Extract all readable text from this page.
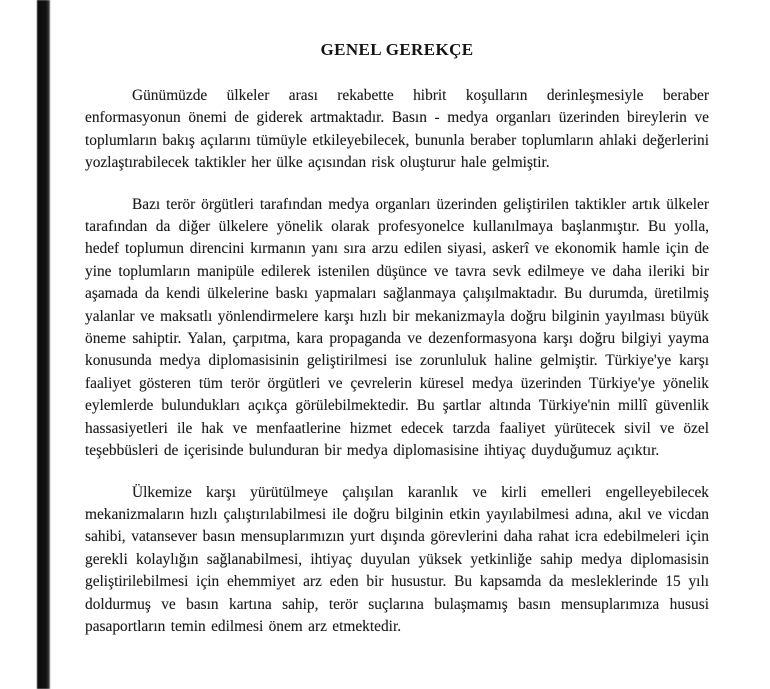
GENEL GEREKÇE

Günümüzde ülkeler arası rekabette hibrit koşulların derinleşmesiyle beraber enformasyonun önemi de giderek artmaktadır. Basın - medya organları üzerinden bireylerin ve toplumların bakış açılarını tümüyle etkileyebilecek, bununla beraber toplumların ahlaki değerlerini yozlaştırabilecek taktikler her ülke açısından risk oluşturur hale gelmiştir.

Bazı terör örgütleri tarafından medya organları üzerinden geliştirilen taktikler artık ülkeler tarafından da diğer ülkelere yönelik olarak profesyonelce kullanılmaya başlanmıştır. Bu yolla, hedef toplumun direncini kırmanın yanı sıra arzu edilen siyasi, askerî ve ekonomik hamle için de yine toplumların manipüle edilerek istenilen düşünce ve tavra sevk edilmeye ve daha ileriki bir aşamada da kendi ülkelerine baskı yapmaları sağlanmaya çalışılmaktadır. Bu durumda, üretilmiş yalanlar ve maksatlı yönlendirmelere karşı hızlı bir mekanizmayla doğru bilginin yayılması büyük öneme sahiptir. Yalan, çarpıtma, kara propaganda ve dezenformasyona karşı doğru bilgiyi yayma konusunda medya diplomasisinin geliştirilmesi ise zorunluluk haline gelmiştir. Türkiye'ye karşı faaliyet gösteren tüm terör örgütleri ve çevrelerin küresel medya üzerinden Türkiye'ye yönelik eylemlerde bulundukları açıkça görülebilmektedir. Bu şartlar altında Türkiye'nin millî güvenlik hassasiyetleri ile hak ve menfaatlerine hizmet edecek tarzda faaliyet yürütecek sivil ve özel teşebbüsleri de içerisinde bulunduran bir medya diplomasisine ihtiyaç duyduğumuz açıktır.

Ülkemize karşı yürütülmeye çalışılan karanlık ve kirli emelleri engelleyebilecek mekanizmaların hızlı çalıştırılabilmesi ile doğru bilginin etkin yayılabilmesi adına, akıl ve vicdan sahibi, vatansever basın mensuplarımızın yurt dışında görevlerini daha rahat icra edebilmeleri için gerekli kolaylığın sağlanabilmesi, ihtiyaç duyulan yüksek yetkinliğe sahip medya diplomasisin geliştirilebilmesi için ehemmiyet arz eden bir husustur. Bu kapsamda da mesleklerinde 15 yılı doldurmuş ve basın kartına sahip, terör suçlarına bulaşmamış basın mensuplarımıza hususi pasaportların temin edilmesi önem arz etmektedir.
